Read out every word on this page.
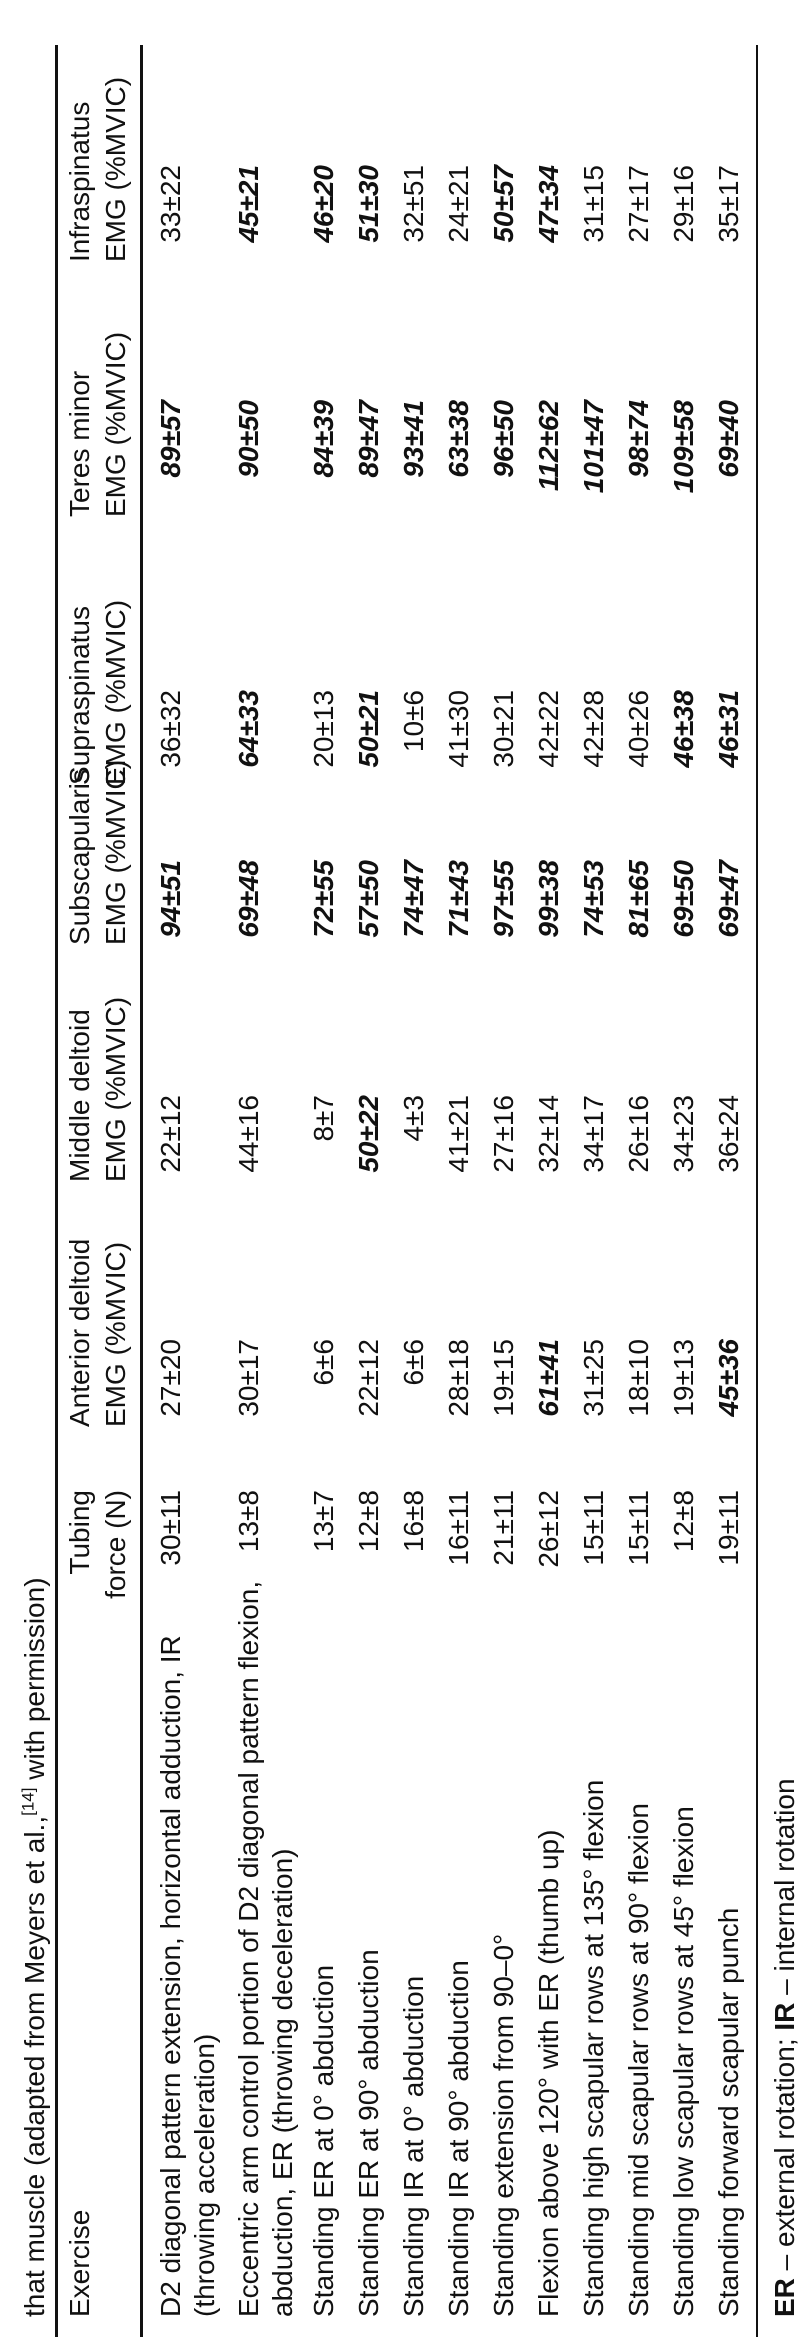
that muscle (adapted from Meyers et al.,[14] with permission)
Exercise
Tubing force (N)
Anterior deltoid EMG (%MVIC)
Middle deltoid EMG (%MVIC)
Subscapularis EMG (%MVIC)
Supraspinatus EMG (%MVIC)
Teres minor EMG (%MVIC)
Infraspinatus EMG (%MVIC)
D2 diagonal pattern extension, horizontal adduction, IR (throwing acceleration)
30±11
27±20
22±12
94±51
36±32
89±57
33±22
Eccentric arm control portion of D2 diagonal pattern flexion, abduction, ER (throwing deceleration)
13±8
30±17
44±16
69±48
64±33
90±50
45±21
Standing ER at 0° abduction
13±7
6±6
8±7
72±55
20±13
84±39
46±20
Standing ER at 90° abduction
12±8
22±12
50±22
57±50
50±21
89±47
51±30
Standing IR at 0° abduction
16±8
6±6
4±3
74±47
10±6
93±41
32±51
Standing IR at 90° abduction
16±11
28±18
41±21
71±43
41±30
63±38
24±21
Standing extension from 90–0°
21±11
19±15
27±16
97±55
30±21
96±50
50±57
Flexion above 120° with ER (thumb up)
26±12
61±41
32±14
99±38
42±22
112±62
47±34
Standing high scapular rows at 135° flexion
15±11
31±25
34±17
74±53
42±28
101±47
31±15
Standing mid scapular rows at 90° flexion
15±11
18±10
26±16
81±65
40±26
98±74
27±17
Standing low scapular rows at 45° flexion
12±8
19±13
34±23
69±50
46±38
109±58
29±16
Standing forward scapular punch
19±11
45±36
36±24
69±47
46±31
69±40
35±17
ER – external rotation; IR – internal rotation
